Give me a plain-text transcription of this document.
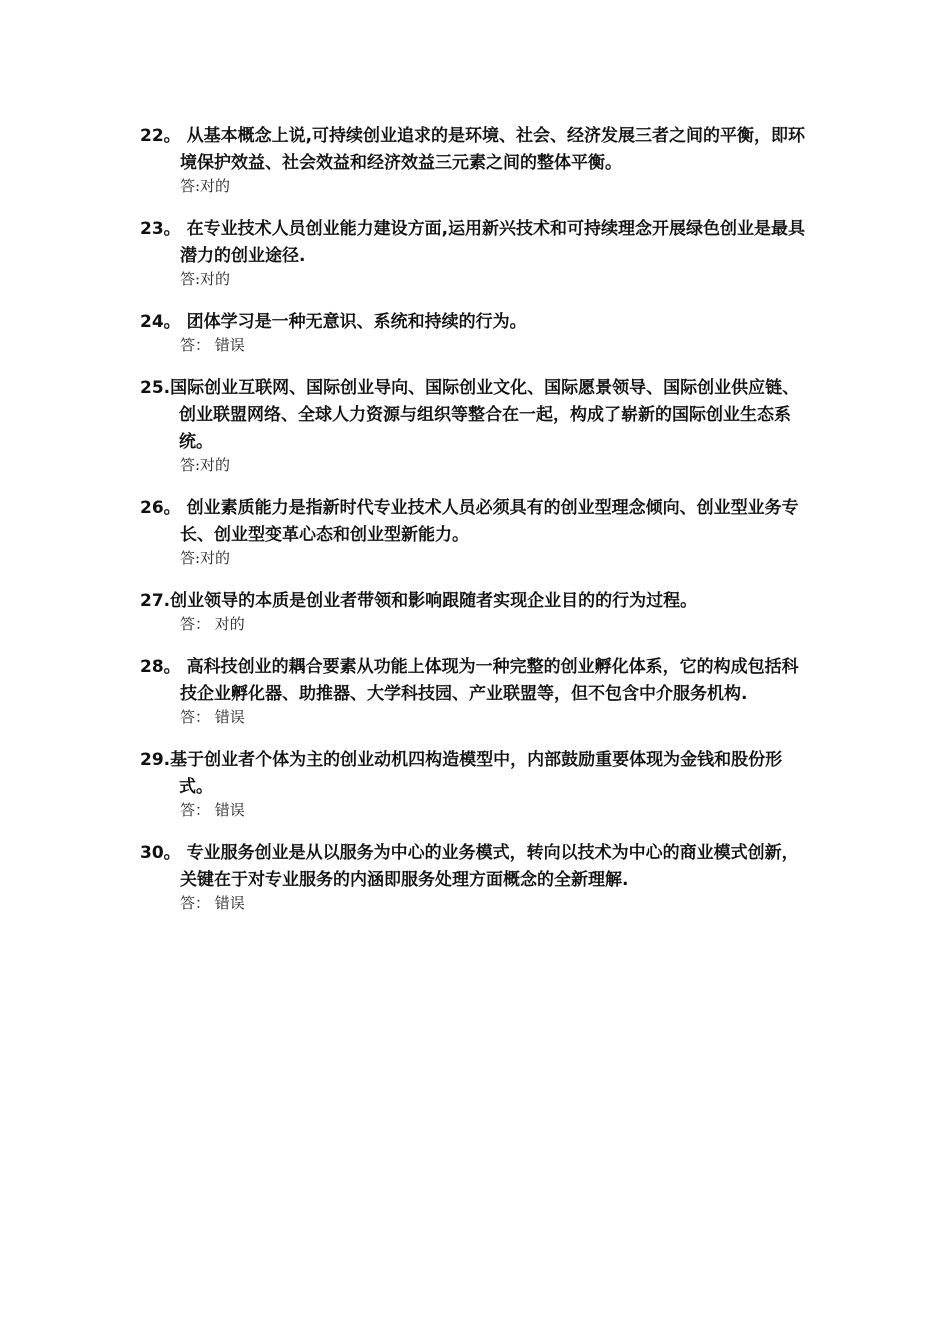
22。 从基本概念上说,可持续创业追求的是环境、社会、经济发展三者之间的平衡，即环境保护效益、社会效益和经济效益三元素之间的整体平衡。

答:对的

23。 在专业技术人员创业能力建设方面,运用新兴技术和可持续理念开展绿色创业是最具潜力的创业途径.

答:对的

24。 团体学习是一种无意识、系统和持续的行为。

答： 错误

25.国际创业互联网、国际创业导向、国际创业文化、国际愿景领导、国际创业供应链、创业联盟网络、全球人力资源与组织等整合在一起，构成了崭新的国际创业生态系统。

答:对的

26。 创业素质能力是指新时代专业技术人员必须具有的创业型理念倾向、创业型业务专长、创业型变革心态和创业型新能力。

答:对的

27.创业领导的本质是创业者带领和影响跟随者实现企业目的的行为过程。

答： 对的

28。 高科技创业的耦合要素从功能上体现为一种完整的创业孵化体系，它的构成包括科技企业孵化器、助推器、大学科技园、产业联盟等，但不包含中介服务机构.

答： 错误

29.基于创业者个体为主的创业动机四构造模型中，内部鼓励重要体现为金钱和股份形式。

答： 错误

30。 专业服务创业是从以服务为中心的业务模式，转向以技术为中心的商业模式创新，关键在于对专业服务的内涵即服务处理方面概念的全新理解.

答： 错误
